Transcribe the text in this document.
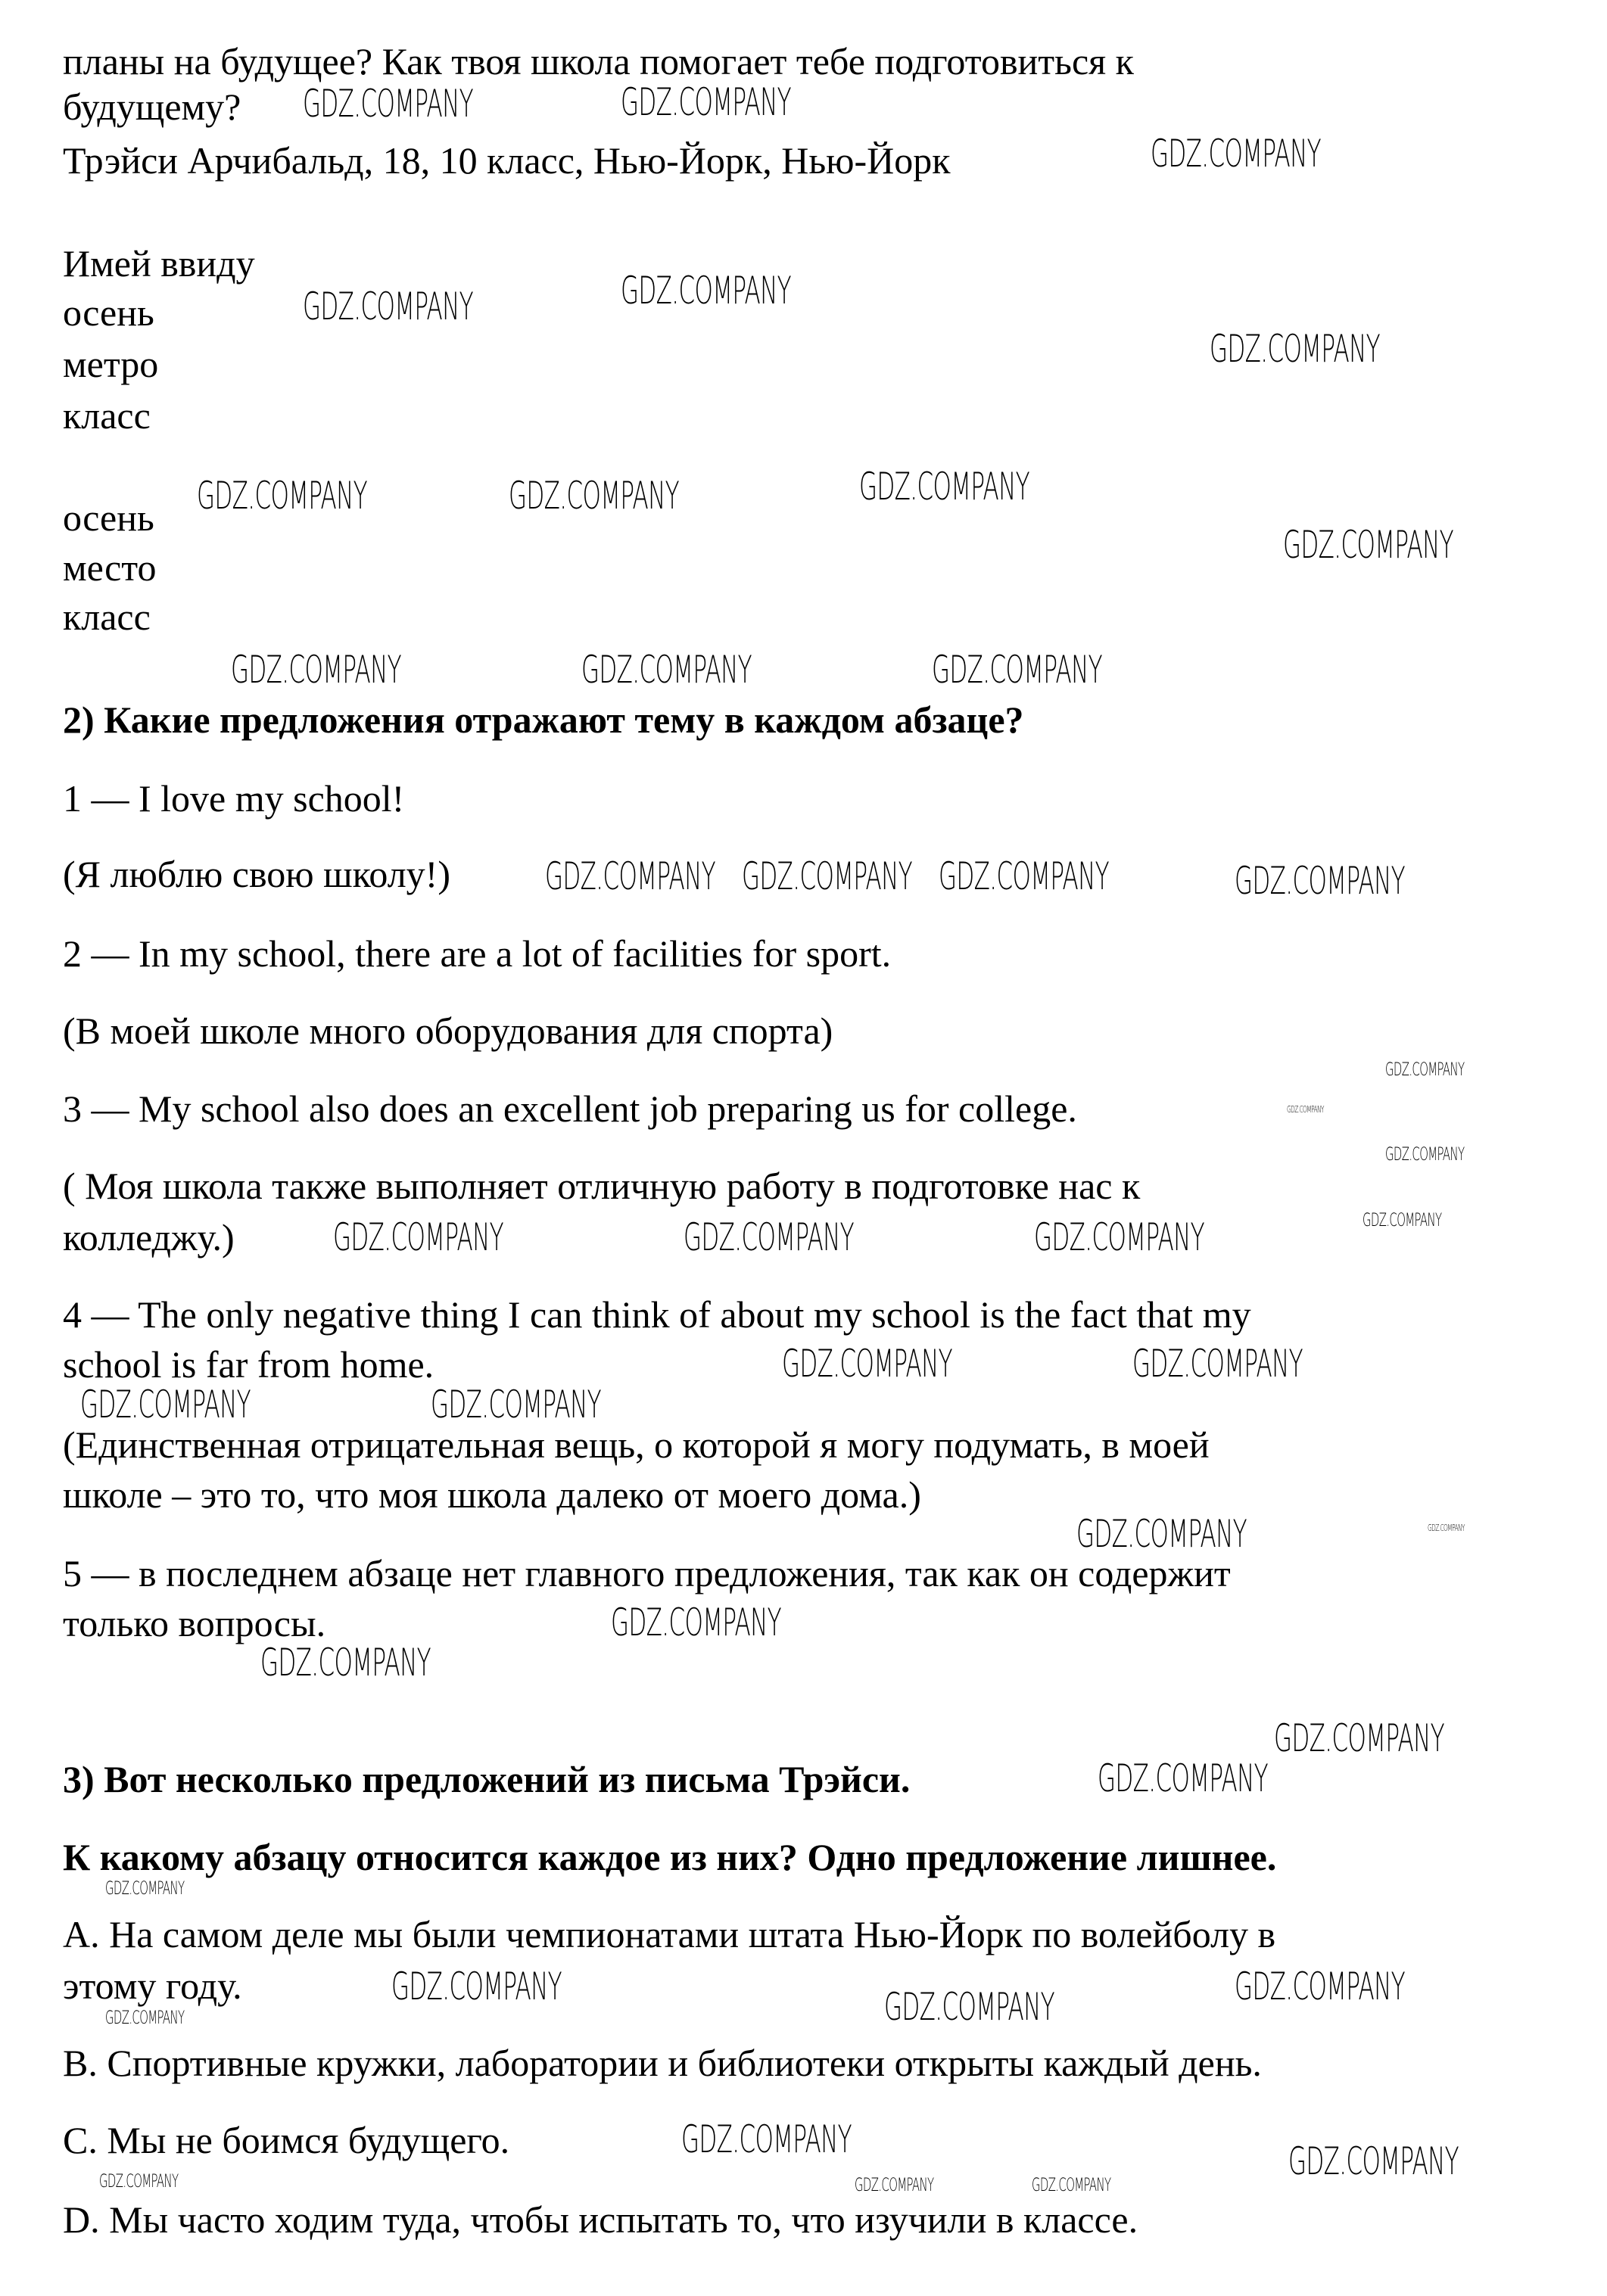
планы на будущее? Как твоя школа помогает тебе подготовиться к
будущему?
Трэйси Арчибальд, 18, 10 класс, Нью-Йорк, Нью-Йорк
Имей ввиду
осень
метро
класс
осень
место
класс
2) Какие предложения отражают тему в каждом абзаце?
1 — I love my school!
(Я люблю свою школу!)
2 — In my school, there are a lot of facilities for sport.
(В моей школе много оборудования для спорта)
3 — My school also does an excellent job preparing us for college.
( Моя школа также выполняет отличную работу в подготовке нас к
колледжу.)
4 — The only negative thing I can think of about my school is the fact that my
school is far from home.
(Единственная отрицательная вещь, о которой я могу подумать, в моей
школе – это то, что моя школа далеко от моего дома.)
5 — в последнем абзаце нет главного предложения, так как он содержит
только вопросы.
3) Вот несколько предложений из письма Трэйси.
К какому абзацу относится каждое из них? Одно предложение лишнее.
A. На самом деле мы были чемпионатами штата Нью-Йорк по волейболу в
этому году.
B. Спортивные кружки, лаборатории и библиотеки открыты каждый день.
C. Мы не боимся будущего.
D. Мы часто ходим туда, чтобы испытать то, что изучили в классе.
GDZ.COMPANY	GDZ.COMPANY
GDZ.COMPANY
GDZ.COMPANY	GDZ.COMPANY
GDZ.COMPANY
GDZ.COMPANY	GDZ.COMPANY	GDZ.COMPANY
GDZ.COMPANY
GDZ.COMPANY	GDZ.COMPANY	GDZ.COMPANY
GDZ.COMPANY
GDZ.COMPANY GDZ.COMPANY GDZ.COMPANY
GDZ.COMPANY
GDZ.COMPANY
GDZ.COMPANY	GDZ.COMPANY
GDZ.COMPANY
GDZ.COMPANY
GDZ.COMPANY
GDZ.COMPANY	GDZ.COMPANY
GDZ.COMPANY	GDZ.COMPANY
GDZ.COMPANY	GDZ.COMPANY
GDZ.COMPANY
GDZ.COMPANY
GDZ.COMPANY
GDZ.COMPANY
GDZ.COMPANY
GDZ.COMPANY	GDZ.COMPANY
GDZ.COMPANY
GDZ.COMPANY
GDZ.COMPANY
GDZ.COMPANY	GDZ.COMPANY
GDZ.COMPANY	GDZ.COMPANY
